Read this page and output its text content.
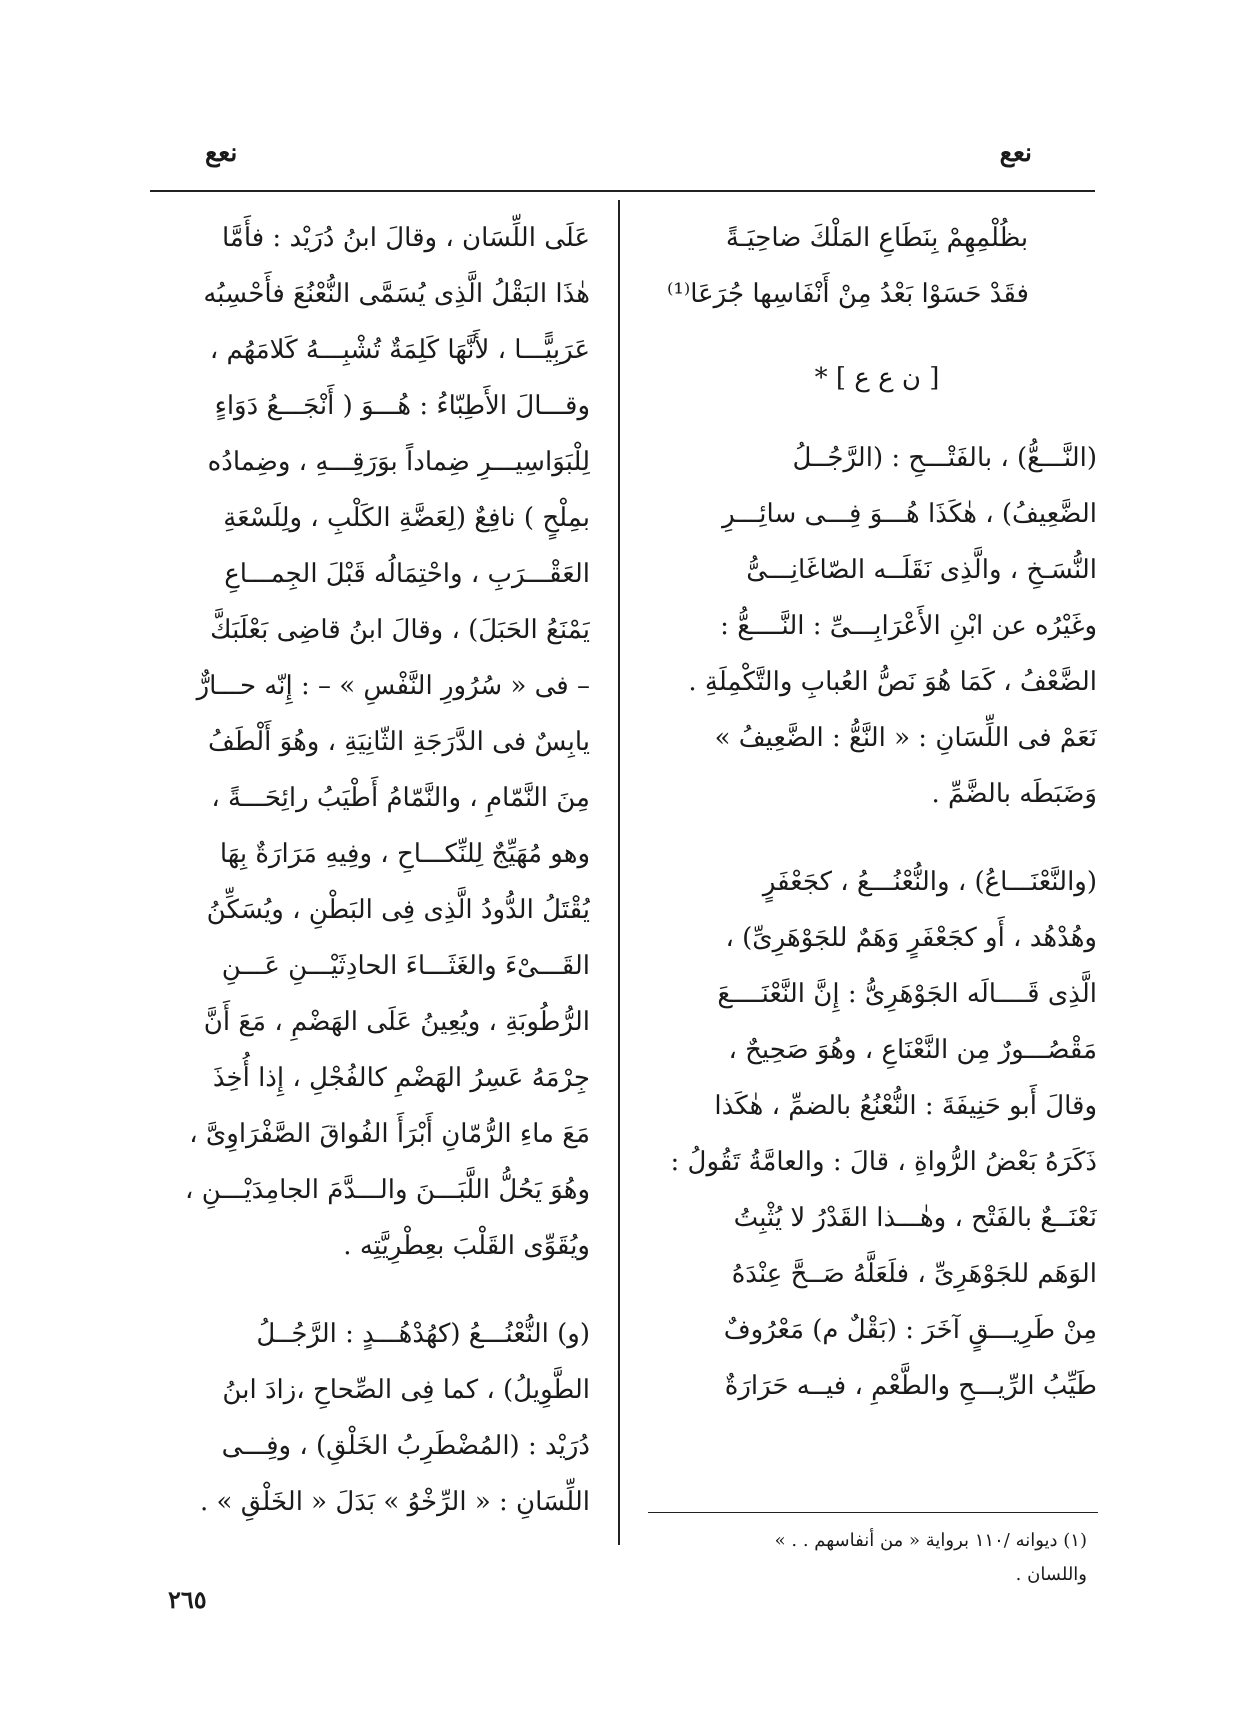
نعع
نعع
بظُلْمِهِمْ بِنَطَاعِ المَلْكَ ضاحِيَـةً
فقَدْ حَسَوْا بَعْدُ مِنْ أَنْفَاسِها جُرَعَا⁽¹⁾
[ ن ع ع ] *
(النَّـــعُّ) ، بالفَتْـــحِ : (الرَّجُــلُ
الضَّعِيفُ) ، هٰكَذَا هُـــوَ فِـــى سائِـــرِ
النُّسَـخِ ، والَّذِى نَقَلَــه الصّاغَانِـــىُّ
وغَيْرُه عن ابْنِ الأَعْرَابِـــىِّ : النَّــــعُّ :
الضَّعْفُ ، كَمَا هُوَ نَصُّ العُبابِ والتَّكْمِلَةِ .
نَعَمْ فى اللِّسَانِ : « النَّعُّ : الضَّعِيفُ »
وَضَبَطَه بالضَّمِّ .
(والنَّعْنَـــاعُ) ، والنُّعْنُـــعُ ، كجَعْفَرٍ
وهُدْهُد ، أَو كجَعْفَرٍ وَهَمٌ للجَوْهَرِىِّ) ،
الَّذِى قَــــالَه الجَوْهَرِىُّ : إِنَّ النَّعْنَــــعَ
مَقْصُـــورٌ مِن النَّعْنَاعِ ، وهُوَ صَحِيحٌ ،
وقالَ أَبو حَنِيفَةَ : النُّعْنُعُ بالضمِّ ، هٰكَذا
ذَكَرَهُ بَعْضُ الرُّواةِ ، قالَ : والعامَّةُ تَقُولُ :
نَعْنَــعٌ بالفَتْح ، وهٰـــذا القَدْرُ لا يُثْبِتُ
الوَهَم للجَوْهَرِىِّ ، فلَعَلَّهُ صَــحَّ عِنْدَهُ
مِنْ طَرِيـــقٍ آخَرَ : (بَقْلٌ م) مَعْرُوفٌ
طَيِّبُ الرِّيـــحِ والطَّعْمِ ، فيــه حَرَارَةٌ
عَلَى اللِّسَان ، وقالَ ابنُ دُرَيْد : فأَمَّا
هٰذَا البَقْلُ الَّذِى يُسَمَّى النُّعْنُعَ فأَحْسِبُه
عَرَبِيًّـــا ، لأَنَّهَا كَلِمَةٌ تُشْبِـــهُ كَلامَهُم ،
وقـــالَ الأَطِبّاءُ : هُـــوَ ( أَنْجَـــعُ دَوَاءٍ
لِلْبَوَاسِيـــرِ ضِماداً بوَرَقِـــهِ ، وضِمادُه
بمِلْحٍ ) نافِعٌ (لِعَضَّةِ الكَلْبِ ، ولِلَسْعَةِ
العَقْـــرَبِ ، واحْتِمَالُه قَبْلَ الجِمـــاعِ
يَمْنَعُ الحَبَلَ) ، وقالَ ابنُ قاضِى بَعْلَبَكَّ
– فى « سُرُورِ النَّفْسِ » – : إِنّه حـــارٌّ
يابِسٌ فى الدَّرَجَةِ الثّانِيَةِ ، وهُوَ أَلْطَفُ
مِنَ النَّمّامِ ، والنَّمّامُ أَطْيَبُ رائِحَـــةً ،
وهو مُهَيِّجٌ لِلنِّكـــاحِ ، وفِيهِ مَرَارَةٌ بِهَا
يُقْتَلُ الدُّودُ الَّذِى فِى البَطْنِ ، ويُسَكِّنُ
القَـــىْءَ والغَثَـــاءَ الحادِثَيْـــنِ عَـــنِ
الرُّطُوبَةِ ، ويُعِينُ عَلَى الهَضْمِ ، مَعَ أَنَّ
جِرْمَهُ عَسِرُ الهَضْمِ كالفُجْلِ ، إِذا أُخِذَ
مَعَ ماءِ الرُّمّانِ أَبْرَأَ الفُواقَ الصَّفْرَاوِىَّ ،
وهُوَ يَحُلُّ اللَّبَـــنَ والـــدَّمَ الجامِدَيْـــنِ ،
ويُقَوِّى القَلْبَ بعِطْرِيَّتِه .
(و) النُّعْنُـــعُ (كهُدْهُـــدٍ : الرَّجُــلُ
الطَّوِيلُ) ، كما فِى الصِّحاحِ ،زادَ ابنُ
دُرَيْد : (المُضْطَرِبُ الخَلْقِ) ، وفِـــى
اللِّسَانِ : « الرِّخْوُ » بَدَلَ « الخَلْقِ » .
(١) ديوانه /١١٠ برواية « من أنفاسهم . . »
واللسان .
٢٦٥
